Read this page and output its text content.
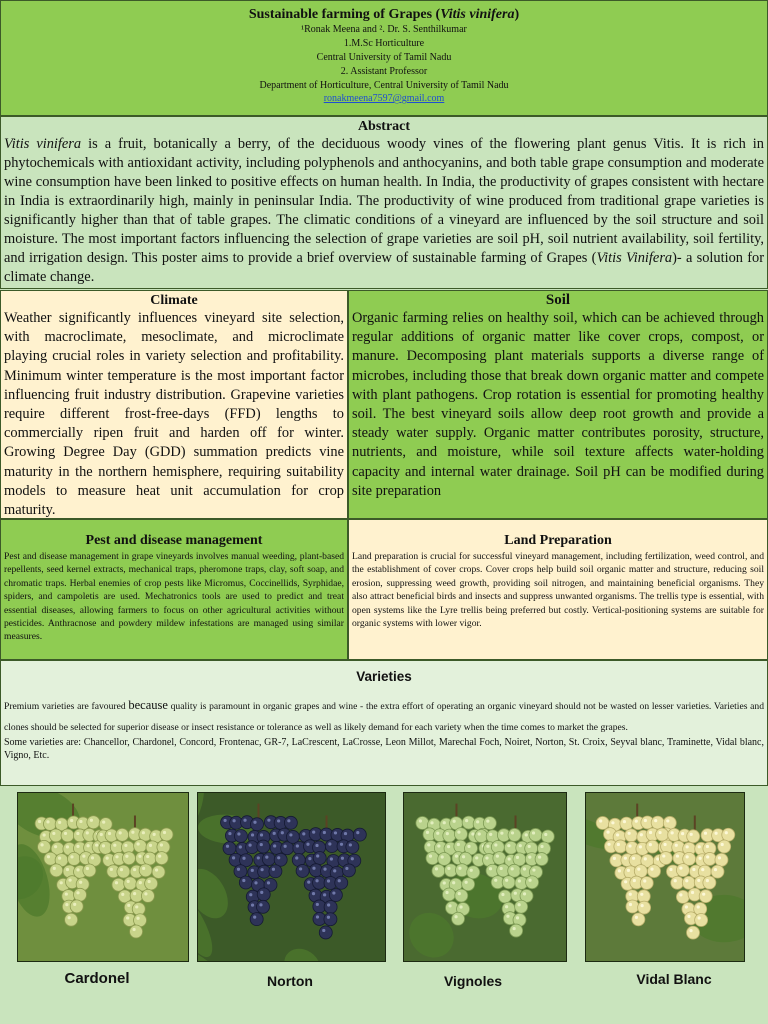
Sustainable farming of Grapes (Vitis vinifera)
¹Ronak Meena and ². Dr. S. Senthilkumar
1.M.Sc Horticulture
Central University of Tamil Nadu
2. Assistant Professor
Department of Horticulture, Central University of Tamil Nadu
ronakmeena7597@gmail.com
Abstract

Vitis vinifera is a fruit, botanically a berry, of the deciduous woody vines of the flowering plant genus Vitis. It is rich in phytochemicals with antioxidant activity, including polyphenols and anthocyanins, and both table grape consumption and moderate wine consumption have been linked to positive effects on human health. In India, the productivity of grapes consistent with hectare in India is extraordinarily high, mainly in peninsular India. The productivity of wine produced from traditional grape varieties is significantly higher than that of table grapes. The climatic conditions of a vineyard are influenced by the soil structure and soil moisture. The most important factors influencing the selection of grape varieties are soil pH, soil nutrient availability, soil fertility, and irrigation design. This poster aims to provide a brief overview of sustainable farming of Grapes (Vitis Vinifera)- a solution for climate change.

Climate

Weather significantly influences vineyard site selection, with macroclimate, mesoclimate, and microclimate playing crucial roles in variety selection and profitability. Minimum winter temperature is the most important factor influencing fruit industry distribution. Grapevine varieties require different frost-free-days (FFD) lengths to commercially ripen fruit and harden off for winter. Growing Degree Day (GDD) summation predicts vine maturity in the northern hemisphere, requiring suitability models to measure heat unit accumulation for crop maturity.

Soil

Organic farming relies on healthy soil, which can be achieved through regular additions of organic matter like cover crops, compost, or manure. Decomposing plant materials supports a diverse range of microbes, including those that break down organic matter and compete with plant pathogens. Crop rotation is essential for promoting healthy soil. The best vineyard soils allow deep root growth and provide a steady water supply. Organic matter contributes porosity, structure, nutrients, and moisture, while soil texture affects water-holding capacity and internal water drainage. Soil pH can be modified during site preparation

Pest and disease management

Pest and disease management in grape vineyards involves manual weeding, plant-based repellents, seed kernel extracts, mechanical traps, pheromone traps, clay, soft soap, and chromatic traps. Herbal enemies of crop pests like Micromus, Coccinellids, Syrphidae, spiders, and campoletis are used. Mechatronics tools are used to predict and treat essential diseases, allowing farmers to focus on other agricultural activities without pesticides. Anthracnose and powdery mildew infestations are managed using similar measures.

Land Preparation

Land preparation is crucial for successful vineyard management, including fertilization, weed control, and the establishment of cover crops. Cover crops help build soil organic matter and structure, reducing soil erosion, suppressing weed growth, providing soil nitrogen, and maintaining beneficial organisms. They also attract beneficial birds and insects and suppress unwanted organisms. The trellis type is essential, with open systems like the Lyre trellis being preferred but costly. Vertical-positioning systems are suitable for organic systems with lower vigor.

Varieties

Premium varieties are favoured because quality is paramount in organic grapes and wine - the extra effort of operating an organic vineyard should not be wasted on lesser varieties. Varieties and clones should be selected for superior disease or insect resistance or tolerance as well as likely demand for each variety when the time comes to market the grapes.

Some varieties are: Chancellor, Chardonel, Concord, Frontenac, GR-7, LaCrescent, LaCrosse, Leon Millot, Marechal Foch, Noiret, Norton, St. Croix, Seyval blanc, Traminette, Vidal blanc, Vigno, Etc.

Cardonel	Norton	Vignoles	Vidal Blanc
